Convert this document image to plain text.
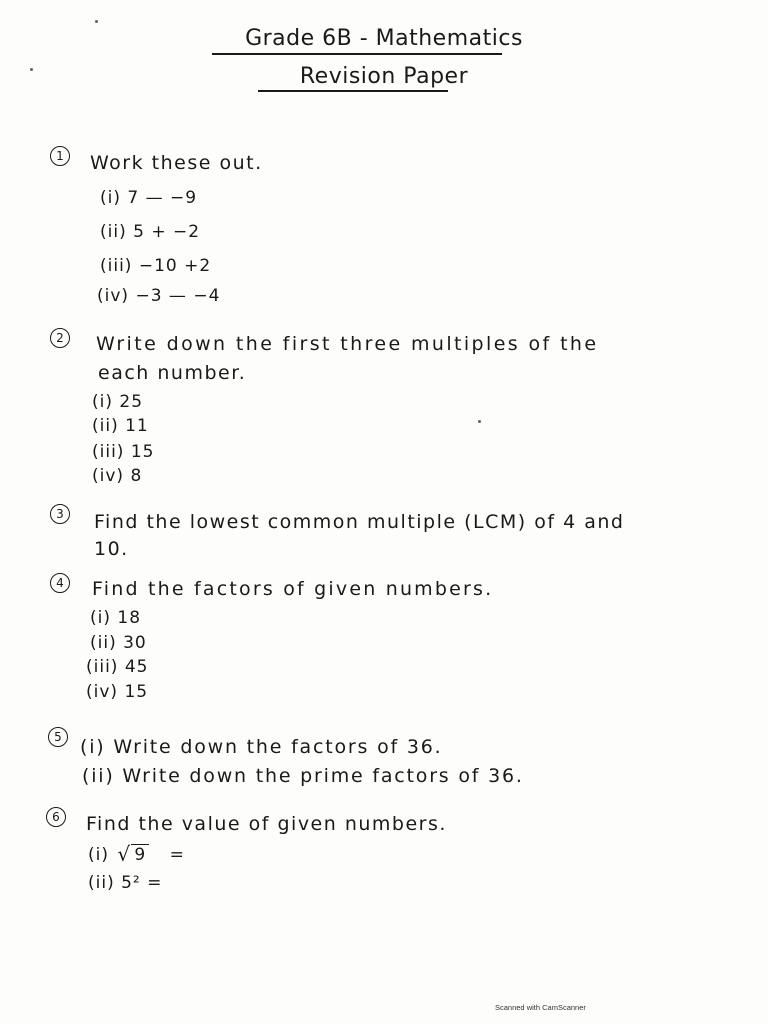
Grade 6B - Mathematics
Revision Paper
1	Work these out.
(i) 7 — −9
(ii) 5 + −2
(iii) −10 +2
(iv) −3 — −4
2	Write down the first three multiples of the
each number.
(i) 25
(ii) 11
(iii) 15
(iv) 8
3	Find the lowest common multiple (LCM) of 4 and
10.
4	Find the factors of given numbers.
(i) 18
(ii) 30
(iii) 45
(iv) 15
5 (i) Write down the factors of 36.
(ii) Write down the prime factors of 36.
6	Find the value of given numbers.
(i) √ 9 =
(ii) 5² =
Scanned with CamScanner
